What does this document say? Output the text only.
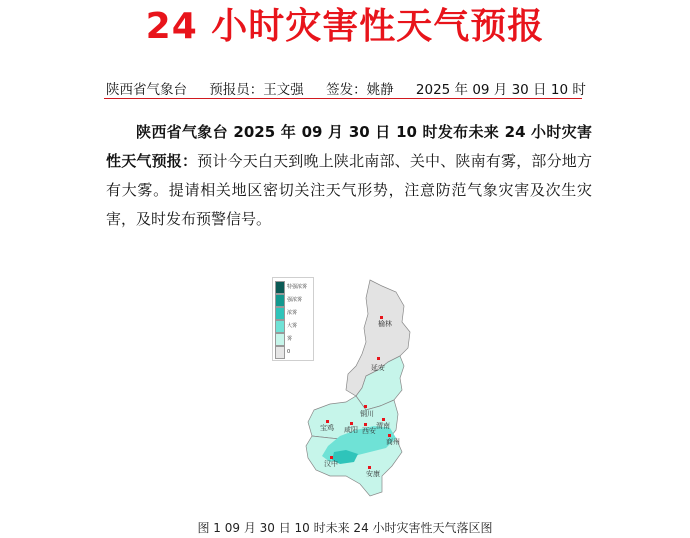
24 小时灾害性天气预报
陕西省气象台 预报员：王文强 签发：姚静 2025 年 09 月 30 日 10 时

陕西省气象台 2025 年 09 月 30 日 10 时发布未来 24 小时灾害性天气预报：预计今天白天到晚上陕北南部、关中、陕南有雾，部分地方有大雾。提请相关地区密切关注天气形势，注意防范气象灾害及次生灾害，及时发布预警信号。

特强浓雾
强浓雾
浓雾
大雾
雾
0
榆林
延安
铜川
渭南
宝鸡 咸阳 西安
商州
汉中
安康
图 1 09 月 30 日 10 时未来 24 小时灾害性天气落区图
